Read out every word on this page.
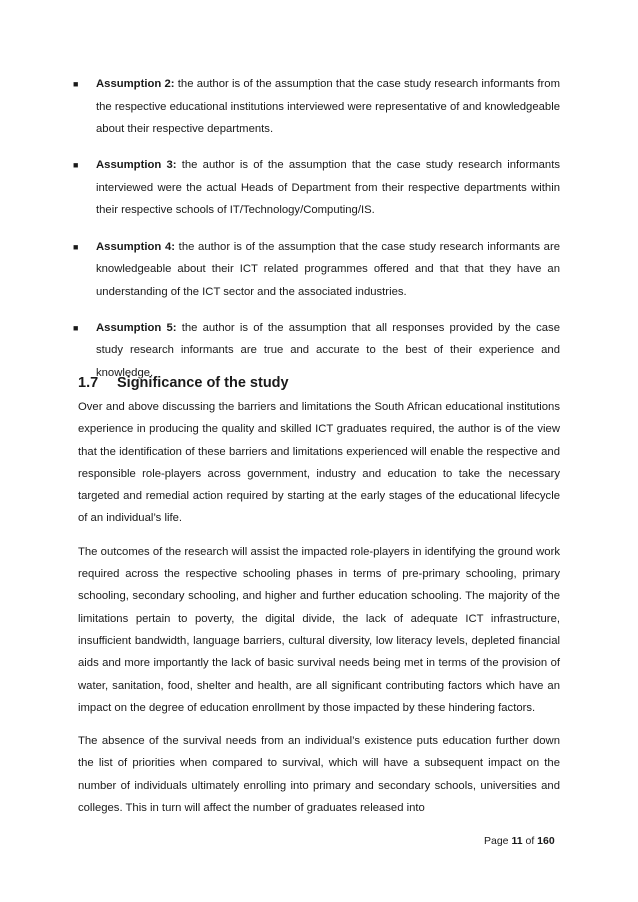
■ Assumption 2: the author is of the assumption that the case study research informants from the respective educational institutions interviewed were representative of and knowledgeable about their respective departments.
■ Assumption 3: the author is of the assumption that the case study research informants interviewed were the actual Heads of Department from their respective departments within their respective schools of IT/Technology/Computing/IS.
■ Assumption 4: the author is of the assumption that the case study research informants are knowledgeable about their ICT related programmes offered and that that they have an understanding of the ICT sector and the associated industries.
■ Assumption 5: the author is of the assumption that all responses provided by the case study research informants are true and accurate to the best of their experience and knowledge.
1.7 Significance of the study

Over and above discussing the barriers and limitations the South African educational institutions experience in producing the quality and skilled ICT graduates required, the author is of the view that the identification of these barriers and limitations experienced will enable the respective and responsible role-players across government, industry and education to take the necessary targeted and remedial action required by starting at the early stages of the educational lifecycle of an individual’s life.

The outcomes of the research will assist the impacted role-players in identifying the ground work required across the respective schooling phases in terms of pre-primary schooling, primary schooling, secondary schooling, and higher and further education schooling. The majority of the limitations pertain to poverty, the digital divide, the lack of adequate ICT infrastructure, insufficient bandwidth, language barriers, cultural diversity, low literacy levels, depleted financial aids and more importantly the lack of basic survival needs being met in terms of the provision of water, sanitation, food, shelter and health, are all significant contributing factors which have an impact on the degree of education enrollment by those impacted by these hindering factors.

The absence of the survival needs from an individual’s existence puts education further down the list of priorities when compared to survival, which will have a subsequent impact on the number of individuals ultimately enrolling into primary and secondary schools, universities and colleges. This in turn will affect the number of graduates released into

Page 11 of 160
